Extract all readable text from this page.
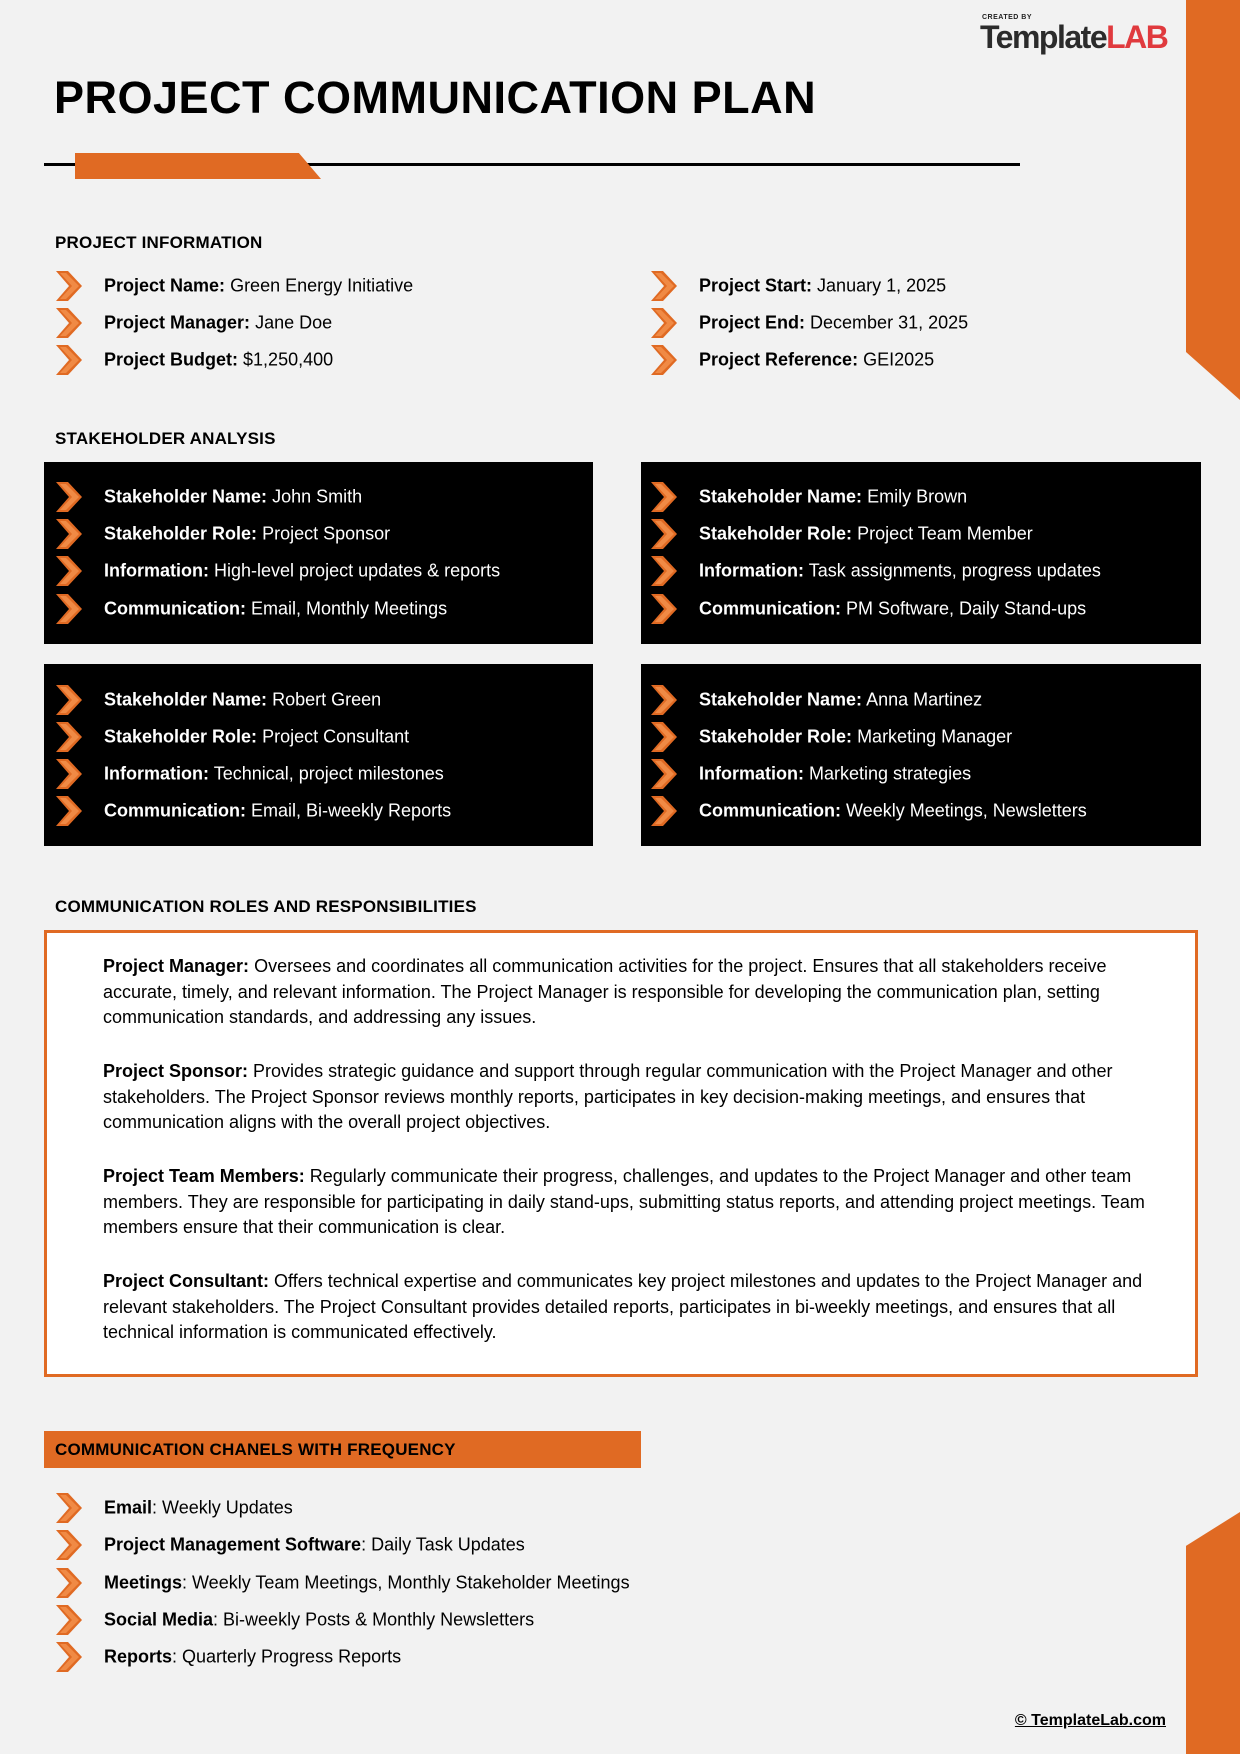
CREATED BY
TemplateLAB
PROJECT COMMUNICATION PLAN
PROJECT INFORMATION
Project Name: Green Energy Initiative
Project Manager: Jane Doe
Project Budget: $1,250,400
Project Start: January 1, 2025
Project End: December 31, 2025
Project Reference: GEI2025
STAKEHOLDER ANALYSIS
Stakeholder Name: John Smith
Stakeholder Role: Project Sponsor
Information: High-level project updates & reports
Communication: Email, Monthly Meetings
Stakeholder Name: Emily Brown
Stakeholder Role: Project Team Member
Information: Task assignments, progress updates
Communication: PM Software, Daily Stand-ups
Stakeholder Name: Robert Green
Stakeholder Role: Project Consultant
Information: Technical, project milestones
Communication: Email, Bi-weekly Reports
Stakeholder Name: Anna Martinez
Stakeholder Role: Marketing Manager
Information: Marketing strategies
Communication: Weekly Meetings, Newsletters
COMMUNICATION ROLES AND RESPONSIBILITIES

Project Manager: Oversees and coordinates all communication activities for the project. Ensures that all stakeholders receive accurate, timely, and relevant information. The Project Manager is responsible for developing the communication plan, setting communication standards, and addressing any issues.

Project Sponsor: Provides strategic guidance and support through regular communication with the Project Manager and other stakeholders. The Project Sponsor reviews monthly reports, participates in key decision-making meetings, and ensures that communication aligns with the overall project objectives.

Project Team Members: Regularly communicate their progress, challenges, and updates to the Project Manager and other team members. They are responsible for participating in daily stand-ups, submitting status reports, and attending project meetings. Team members ensure that their communication is clear.

Project Consultant: Offers technical expertise and communicates key project milestones and updates to the Project Manager and relevant stakeholders. The Project Consultant provides detailed reports, participates in bi-weekly meetings, and ensures that all technical information is communicated effectively.

COMMUNICATION CHANELS WITH FREQUENCY
Email: Weekly Updates
Project Management Software: Daily Task Updates
Meetings: Weekly Team Meetings, Monthly Stakeholder Meetings
Social Media: Bi-weekly Posts & Monthly Newsletters
Reports: Quarterly Progress Reports
© TemplateLab.com
